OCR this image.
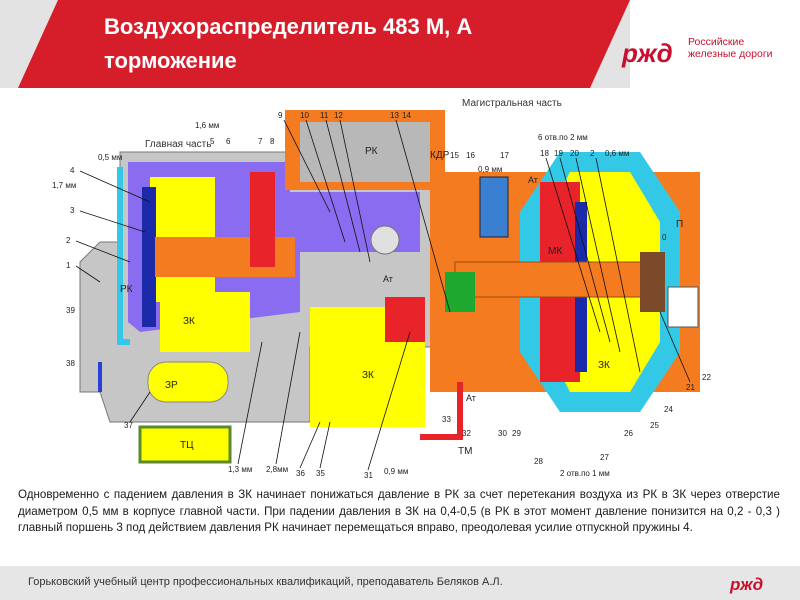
Воздухораспределитель 483 М, А
торможение	ржд Российские
железные дороги
Магистральная часть
Главная часть
РК
РК
ЗК
ЗК
ЗК
МК
ЗР
ТЦ
Ат
Ат
Ат
КДР
ТМ
П
1,6 мм
0,5 мм
1,7 мм
0,9 мм
6 отв.по 2 мм
0,6 мм
1,3 мм 2,8мм	0,9 мм	2 отв.по 1 мм
1
2
3
4
5 6	7 8
9 10 11 12	13 14
15 16	17	18 19 20 2
21
22
24
25
26
27
28
29
30
31
32
33
35
36
37
38
39
0
Одновременно с падением давления в ЗК начинает понижаться давление в РК за счет перетекания воздуха из РК в ЗК через отверстие диаметром 0,5 мм в корпусе главной части. При падении давления в ЗК на 0,4-0,5 (в РК в этот момент давление понизится на 0,2 - 0,3 ) главный поршень 3 под действием давления РК начинает перемещаться вправо, преодолевая усилие отпускной пружины 4.
Горьковский учебный центр профессиональных квалификаций, преподаватель Беляков А.Л.	ржд
